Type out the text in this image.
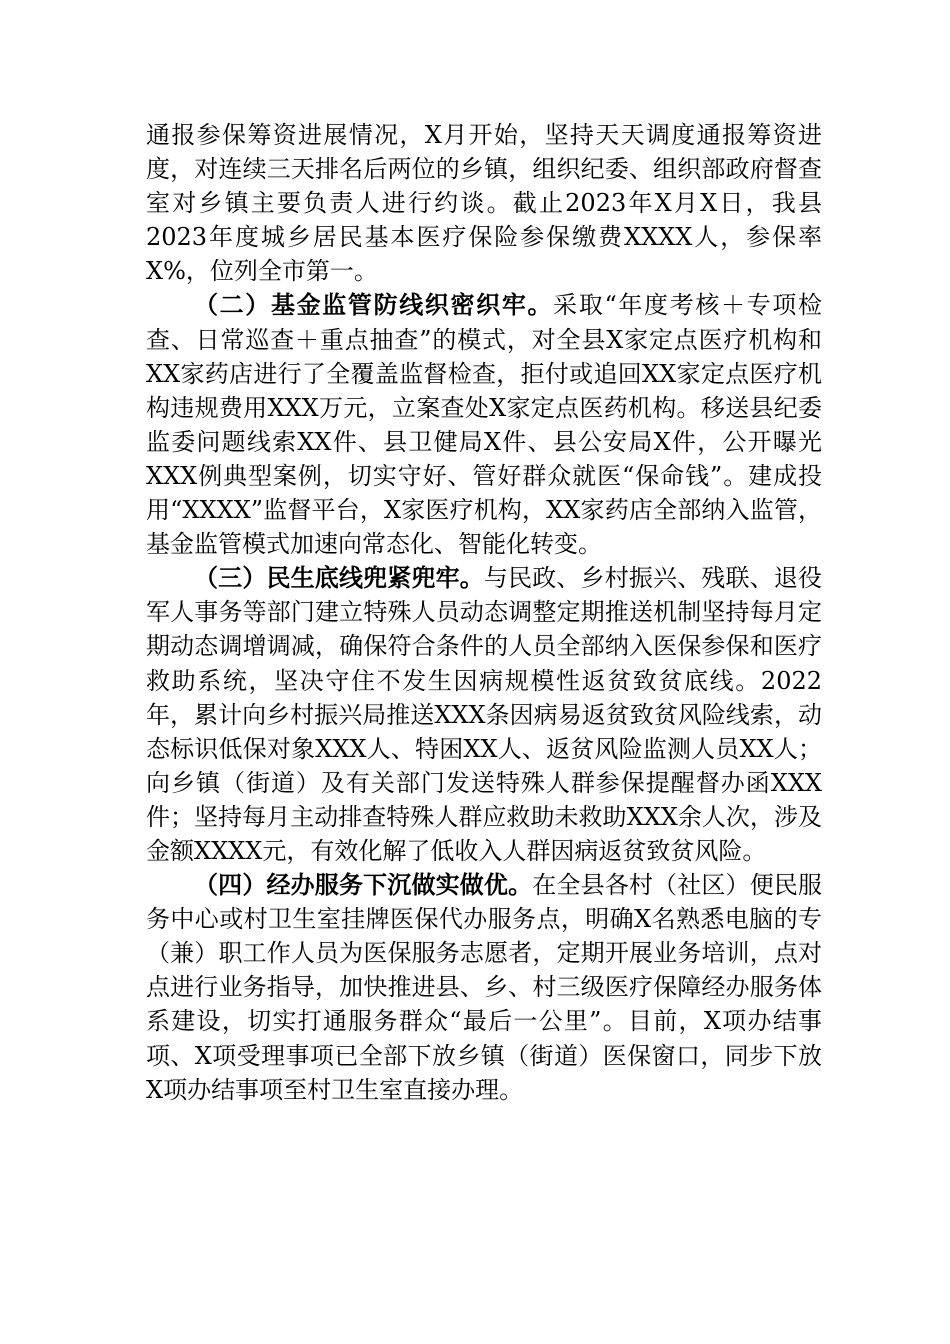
通报参保筹资进展情况，X月开始，坚持天天调度通报筹资进度，对连续三天排名后两位的乡镇，组织纪委、组织部政府督查室对乡镇主要负责人进行约谈。截止2023年X月X日，我县2023年度城乡居民基本医疗保险参保缴费XXXX人，参保率X%，位列全市第一。

（二）基金监管防线织密织牢。采取“年度考核＋专项检查、日常巡查＋重点抽查”的模式，对全县X家定点医疗机构和XX家药店进行了全覆盖监督检查，拒付或追回XX家定点医疗机构违规费用XXX万元，立案查处X家定点医药机构。移送县纪委监委问题线索XX件、县卫健局X件、县公安局X件，公开曝光XXX例典型案例，切实守好、管好群众就医“保命钱”。建成投用“XXXX”监督平台，X家医疗机构，XX家药店全部纳入监管，基金监管模式加速向常态化、智能化转变。

（三）民生底线兜紧兜牢。与民政、乡村振兴、残联、退役军人事务等部门建立特殊人员动态调整定期推送机制坚持每月定期动态调增调减，确保符合条件的人员全部纳入医保参保和医疗救助系统，坚决守住不发生因病规模性返贫致贫底线。2022年，累计向乡村振兴局推送XXX条因病易返贫致贫风险线索，动态标识低保对象XXX人、特困XX人、返贫风险监测人员XX人；向乡镇（街道）及有关部门发送特殊人群参保提醒督办函XXX件；坚持每月主动排查特殊人群应救助未救助XXX余人次，涉及金额XXXX元，有效化解了低收入人群因病返贫致贫风险。

（四）经办服务下沉做实做优。在全县各村（社区）便民服务中心或村卫生室挂牌医保代办服务点，明确X名熟悉电脑的专（兼）职工作人员为医保服务志愿者，定期开展业务培训，点对点进行业务指导，加快推进县、乡、村三级医疗保障经办服务体系建设，切实打通服务群众“最后一公里”。目前，X项办结事项、X项受理事项已全部下放乡镇（街道）医保窗口，同步下放X项办结事项至村卫生室直接办理。
